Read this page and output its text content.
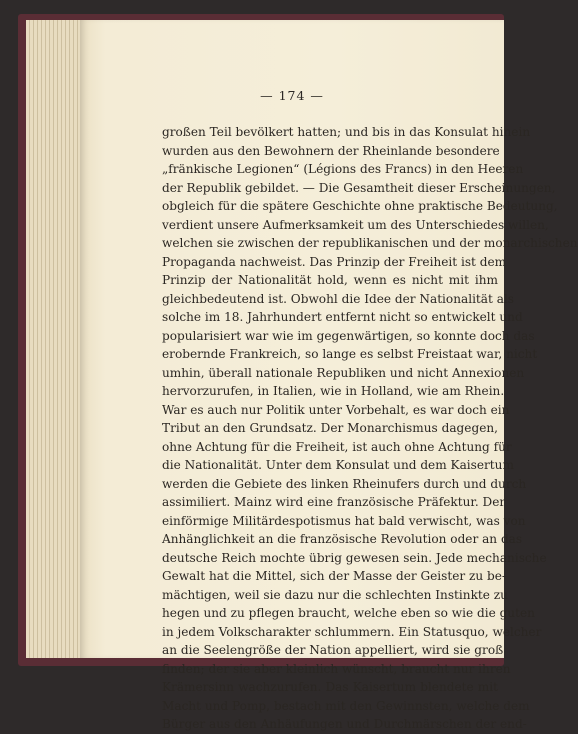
— 174 —
großen Teil bevölkert hatten; und bis in das Konsulat hinein
wurden aus den Bewohnern der Rheinlande besondere
„fränkische Legionen“ (Légions des Francs) in den Heeren
der Republik gebildet. — Die Gesamtheit dieser Erscheinungen,
obgleich für die spätere Geschichte ohne praktische Bedeutung,
verdient unsere Aufmerksamkeit um des Unterschiedes willen,
welchen sie zwischen der republikanischen und der monarchischen
Propaganda nachweist. Das Prinzip der Freiheit ist dem
Prinzip der Nationalität hold, wenn es nicht mit ihm
gleichbedeutend ist. Obwohl die Idee der Nationalität als
solche im 18. Jahrhundert entfernt nicht so entwickelt und
popularisiert war wie im gegenwärtigen, so konnte doch das
erobernde Frankreich, so lange es selbst Freistaat war, nicht
umhin, überall nationale Republiken und nicht Annexionen
hervorzurufen, in Italien, wie in Holland, wie am Rhein.
War es auch nur Politik unter Vorbehalt, es war doch ein
Tribut an den Grundsatz. Der Monarchismus dagegen,
ohne Achtung für die Freiheit, ist auch ohne Achtung für
die Nationalität. Unter dem Konsulat und dem Kaisertum
werden die Gebiete des linken Rheinufers durch und durch
assimiliert. Mainz wird eine französische Präfektur. Der
einförmige Militärdespotismus hat bald verwischt, was von
Anhänglichkeit an die französische Revolution oder an das
deutsche Reich mochte übrig gewesen sein. Jede mechanische
Gewalt hat die Mittel, sich der Masse der Geister zu be-
mächtigen, weil sie dazu nur die schlechten Instinkte zu
hegen und zu pflegen braucht, welche eben so wie die guten
in jedem Volkscharakter schlummern. Ein Statusquo, welcher
an die Seelengröße der Nation appelliert, wird sie groß
finden; der sie aber kleinlich wünscht, braucht nur ihren
Krämersinn wachzurufen. Das Kaisertum blendete mit
Macht und Pomp, bestach mit den Gewinnsten, welche dem
Bürger aus den Anhäufungen und Durchmärschen der end-
